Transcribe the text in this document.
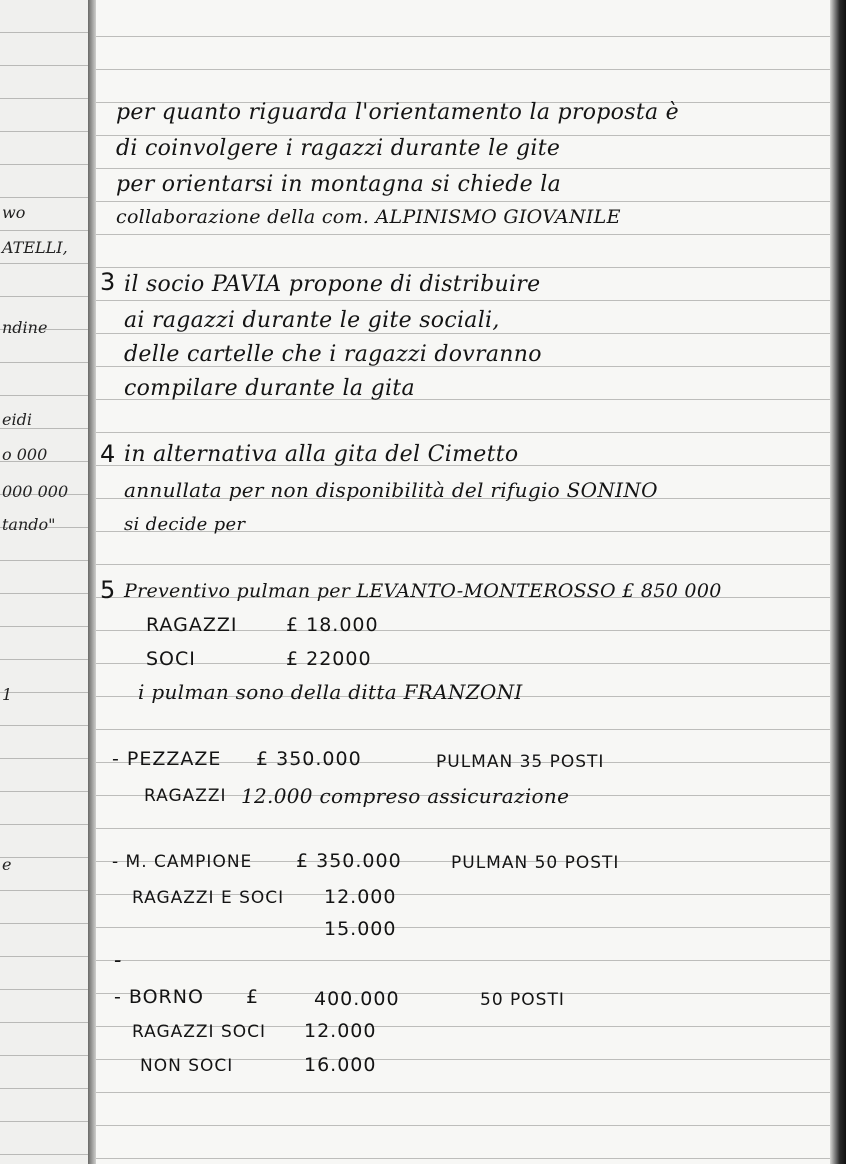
wo
ATELLI,
ndine
eidi
o 000
000 000
tando"
1
e
per quanto riguarda l'orientamento la proposta è
di coinvolgere i ragazzi durante le gite
per orientarsi in montagna si chiede la
collaborazione della com. ALPINISMO GIOVANILE
3 il socio PAVIA propone di distribuire
ai ragazzi durante le gite sociali,
delle cartelle che i ragazzi dovranno
compilare durante la gita
4 in alternativa alla gita del Cimetto
annullata per non disponibilità del rifugio SONINO
si decide per
5 Preventivo pulman per LEVANTO-MONTEROSSO £ 850 000
RAGAZZI	£ 18.000
SOCI	£ 22000
i pulman sono della ditta FRANZONI
- PEZZAZE £ 350.000	PULMAN 35 POSTI
RAGAZZI 12.000 compreso assicurazione
- M. CAMPIONE £ 350.000	PULMAN 50 POSTI
RAGAZZI E SOCI 12.000
15.000
-
- BORNO £	400.000	50 POSTI
RAGAZZI SOCI 12.000
NON SOCI	16.000
